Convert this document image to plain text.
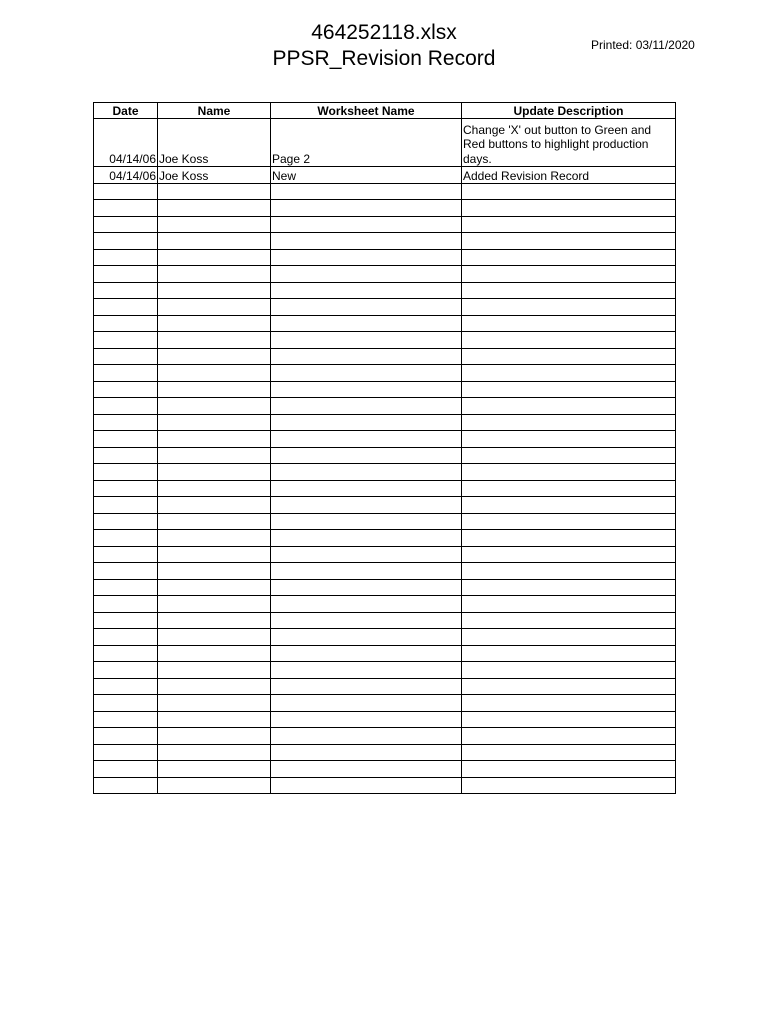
464252118.xlsx
PPSR_Revision Record
Printed: 03/11/2020
Date	Name	Worksheet Name	Update Description
04/14/06	Joe Koss	Page 2	Change 'X' out button to Green and Red buttons to highlight production days.
04/14/06	Joe Koss	New	Added Revision Record
